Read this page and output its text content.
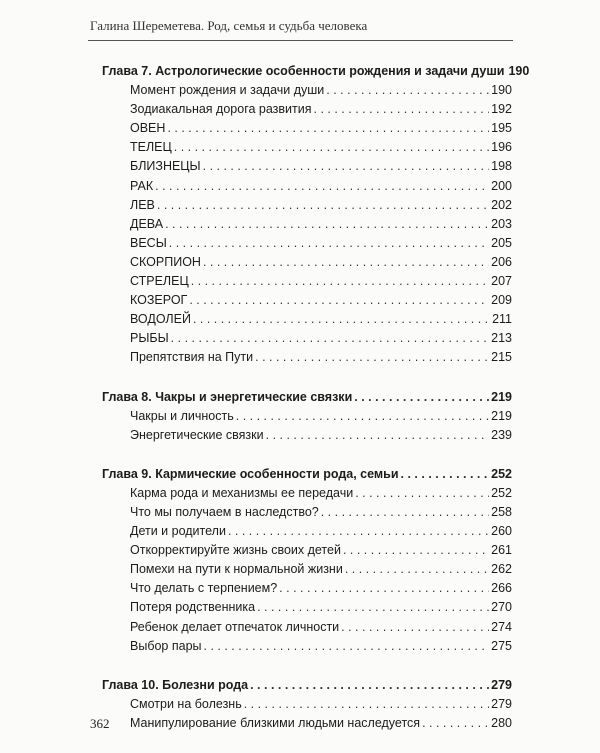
Галина Шереметева. Род, семья и судьба человека
Глава 7. Астрологические особенности рождения и задачи души 190
Момент рождения и задачи души . . .	190
Зодиакальная дорога развития . . .	192
ОВЕН . . .	195
ТЕЛЕЦ . . .	196
БЛИЗНЕЦЫ . . .	198
РАК . . .	200
ЛЕВ . . .	202
ДЕВА . . .	203
ВЕСЫ . . .	205
СКОРПИОН . . .	206
СТРЕЛЕЦ . . .	207
КОЗЕРОГ . . .	209
ВОДОЛЕЙ . . .	211
РЫБЫ . . .	213
Препятствия на Пути . . .	215
Глава 8. Чакры и энергетические связки . . .	219
Чакры и личность . . .	219
Энергетические связки . . .	239
Глава 9. Кармические особенности рода, семьи . . .	252
Карма рода и механизмы ее передачи . . .	252
Что мы получаем в наследство? . . .	258
Дети и родители . . .	260
Откорректируйте жизнь своих детей . . .	261
Помехи на пути к нормальной жизни . . .	262
Что делать с терпением? . . .	266
Потеря родственника . . .	270
Ребенок делает отпечаток личности . . .	274
Выбор пары . . .	275
Глава 10. Болезни рода . . .	279
Смотри на болезнь . . .	279
Манипулирование близкими людьми наследуется . . .	280
362
